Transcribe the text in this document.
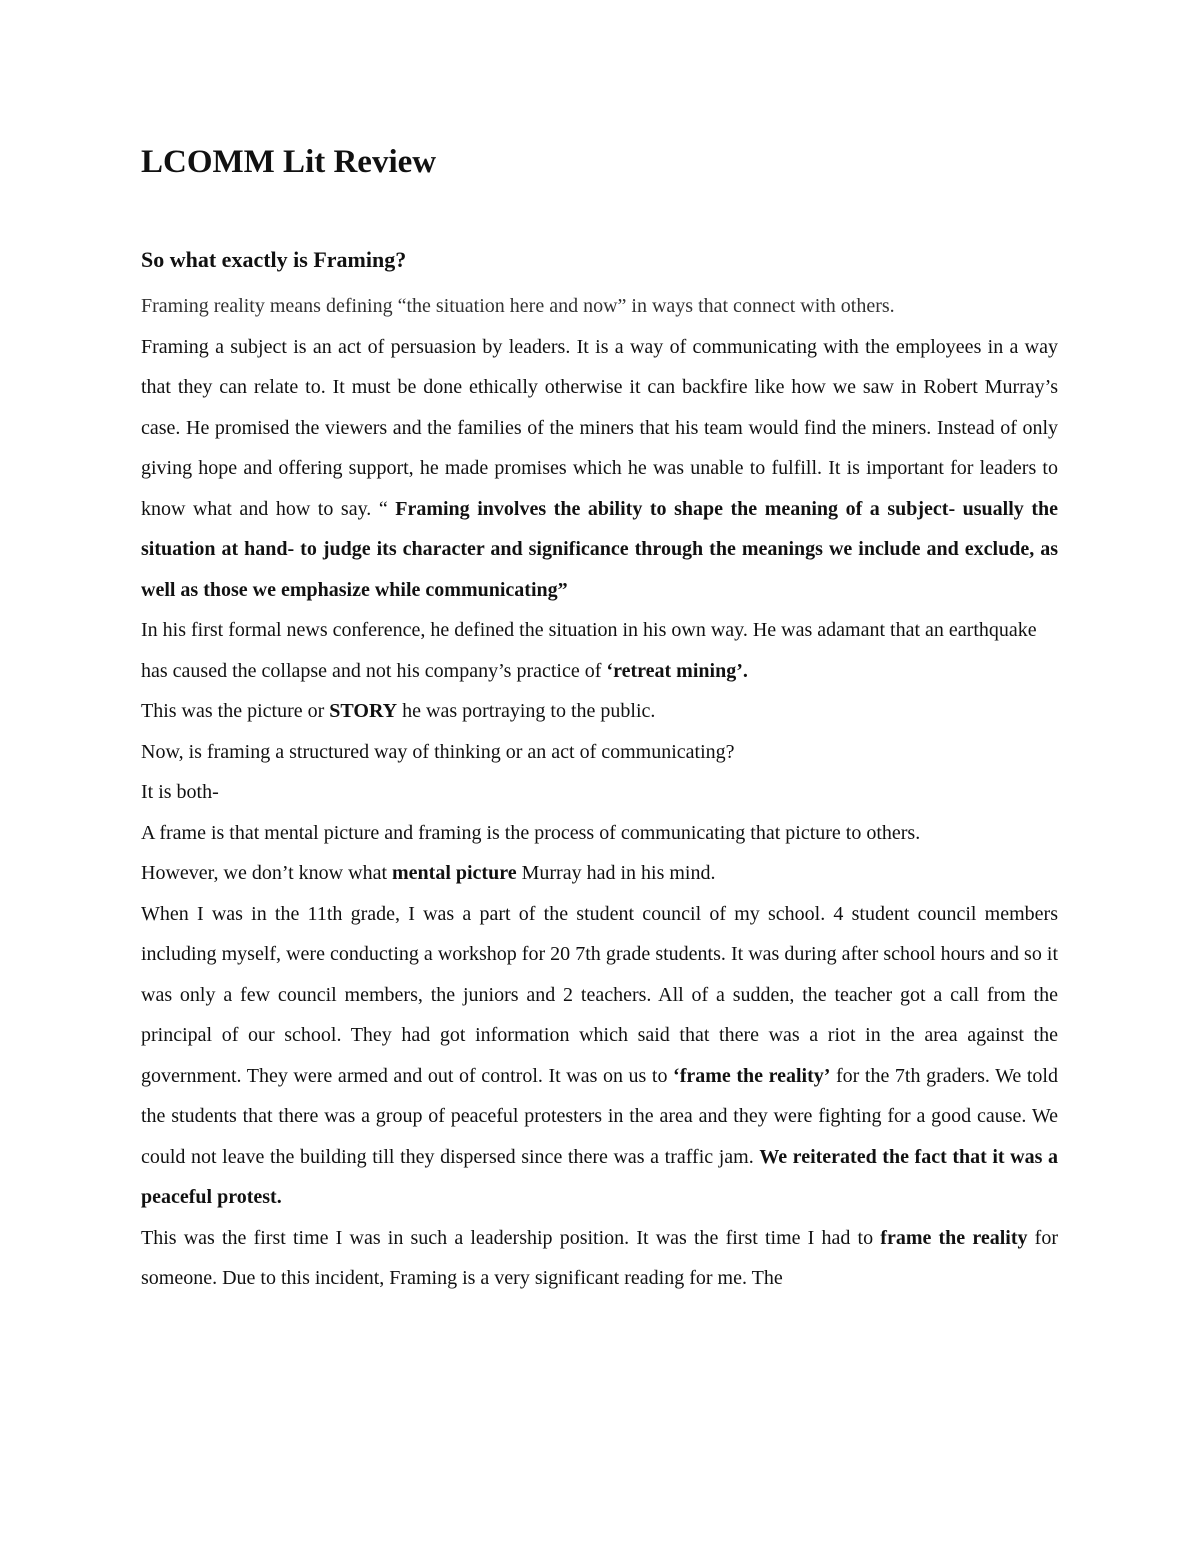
LCOMM Lit Review
So what exactly is Framing?

Framing reality means defining “the situation here and now” in ways that connect with others.

Framing a subject is an act of persuasion by leaders. It is a way of communicating with the employees in a way that they can relate to. It must be done ethically otherwise it can backfire like how we saw in Robert Murray’s case. He promised the viewers and the families of the miners that his team would find the miners. Instead of only giving hope and offering support, he made promises which he was unable to fulfill. It is important for leaders to know what and how to say. “ Framing involves the ability to shape the meaning of a subject- usually the situation at hand- to judge its character and significance through the meanings we include and exclude, as well as those we emphasize while communicating”

In his first formal news conference, he defined the situation in his own way. He was adamant that an earthquake has caused the collapse and not his company’s practice of ‘retreat mining’.

This was the picture or STORY he was portraying to the public.

Now, is framing a structured way of thinking or an act of communicating?

It is both-

A frame is that mental picture and framing is the process of communicating that picture to others.

However, we don’t know what mental picture Murray had in his mind.

When I was in the 11th grade, I was a part of the student council of my school. 4 student council members including myself, were conducting a workshop for 20 7th grade students. It was during after school hours and so it was only a few council members, the juniors and 2 teachers. All of a sudden, the teacher got a call from the principal of our school. They had got information which said that there was a riot in the area against the government. They were armed and out of control. It was on us to ‘frame the reality’ for the 7th graders. We told the students that there was a group of peaceful protesters in the area and they were fighting for a good cause. We could not leave the building till they dispersed since there was a traffic jam. We reiterated the fact that it was a peaceful protest.

This was the first time I was in such a leadership position. It was the first time I had to frame the reality for someone. Due to this incident, Framing is a very significant reading for me. The
